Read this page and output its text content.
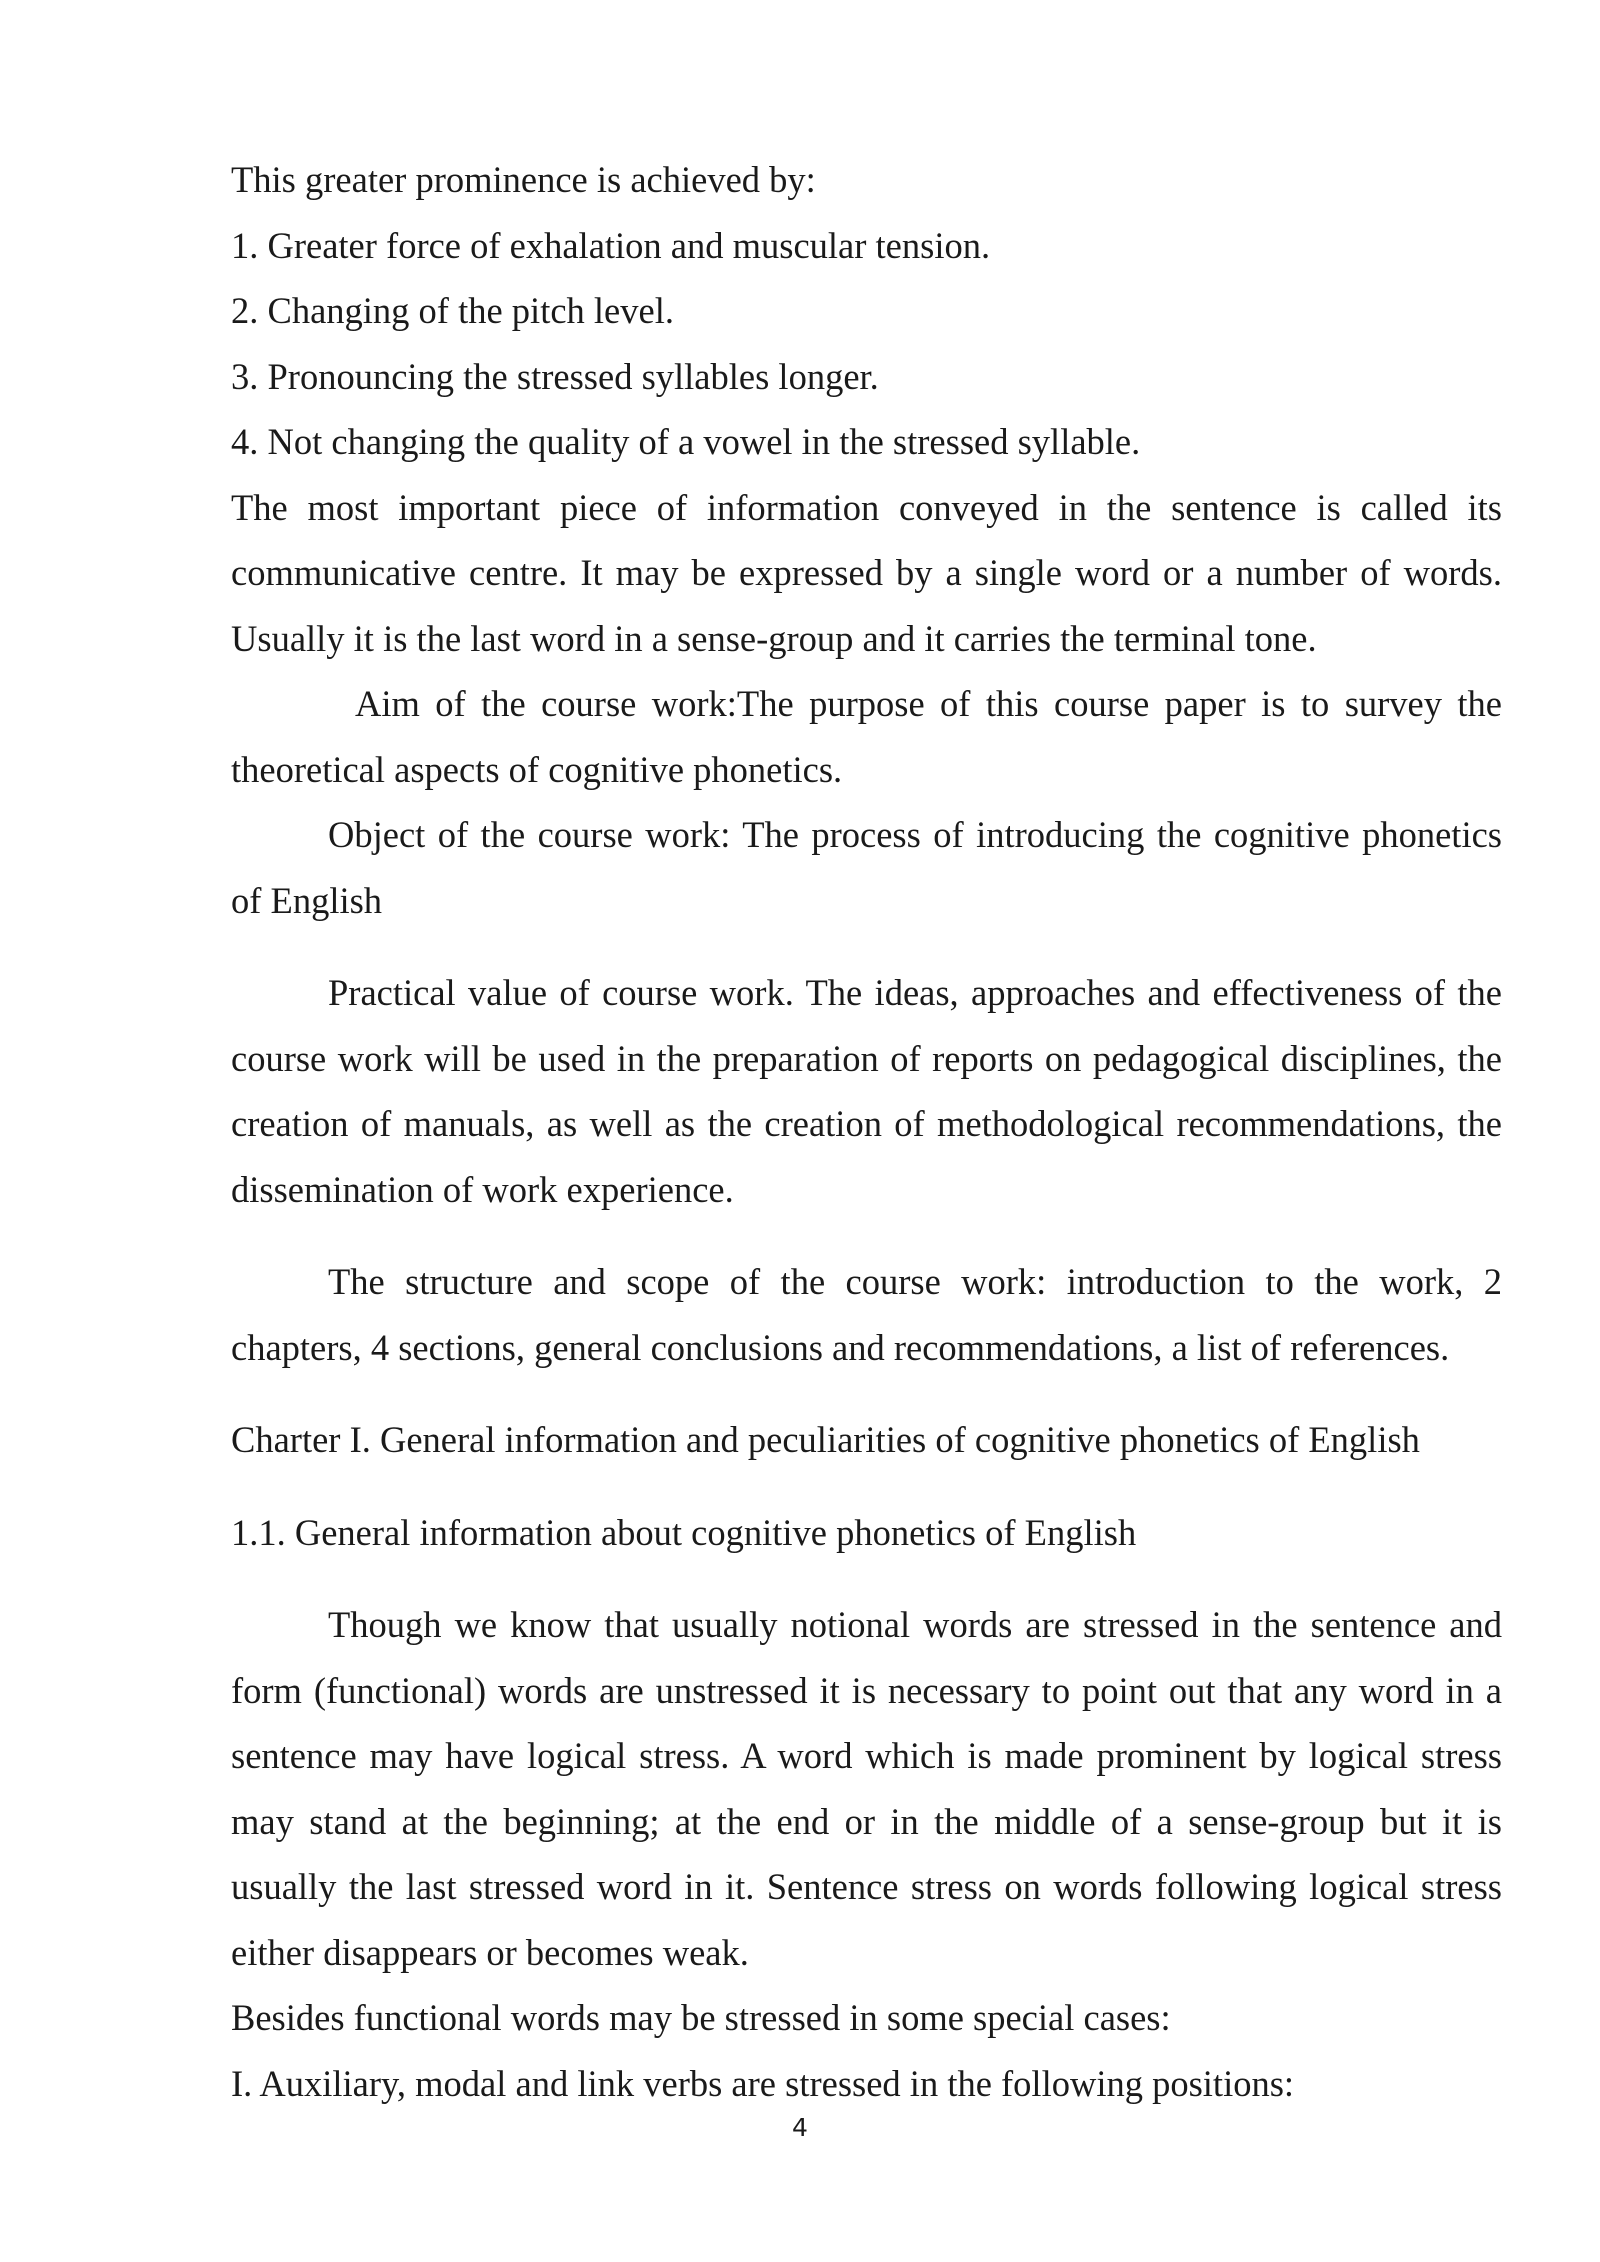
This greater prominence is achieved by:

1. Greater force of exhalation and muscular tension.

2. Changing of the pitch level.

3. Pronouncing the stressed syllables longer.

4. Not changing the quality of a vowel in the stressed syllable.

The most important piece of information conveyed in the sentence is called its communicative centre. It may be expressed by a single word or a number of words. Usually it is the last word in a sense-group and it carries the terminal tone.

Aim of the course work:The purpose of this course paper is to survey the theoretical aspects of cognitive phonetics.

Object of the course work: The process of introducing the cognitive phonetics of English

Practical value of course work. The ideas, approaches and effectiveness of the course work will be used in the preparation of reports on pedagogical disciplines, the creation of manuals, as well as the creation of methodological recommendations, the dissemination of work experience.

The structure and scope of the course work: introduction to the work, 2 chapters, 4 sections, general conclusions and recommendations, a list of references.

Charter I. General information and peculiarities of cognitive phonetics of English

1.1. General information about cognitive phonetics of English

Though we know that usually notional words are stressed in the sentence and form (functional) words are unstressed it is necessary to point out that any word in a sentence may have logical stress. A word which is made prominent by logical stress may stand at the beginning; at the end or in the middle of a sense-group but it is usually the last stressed word in it. Sentence stress on words following logical stress either disappears or becomes weak.

Besides functional words may be stressed in some special cases:

I. Auxiliary, modal and link verbs are stressed in the following positions:

4
